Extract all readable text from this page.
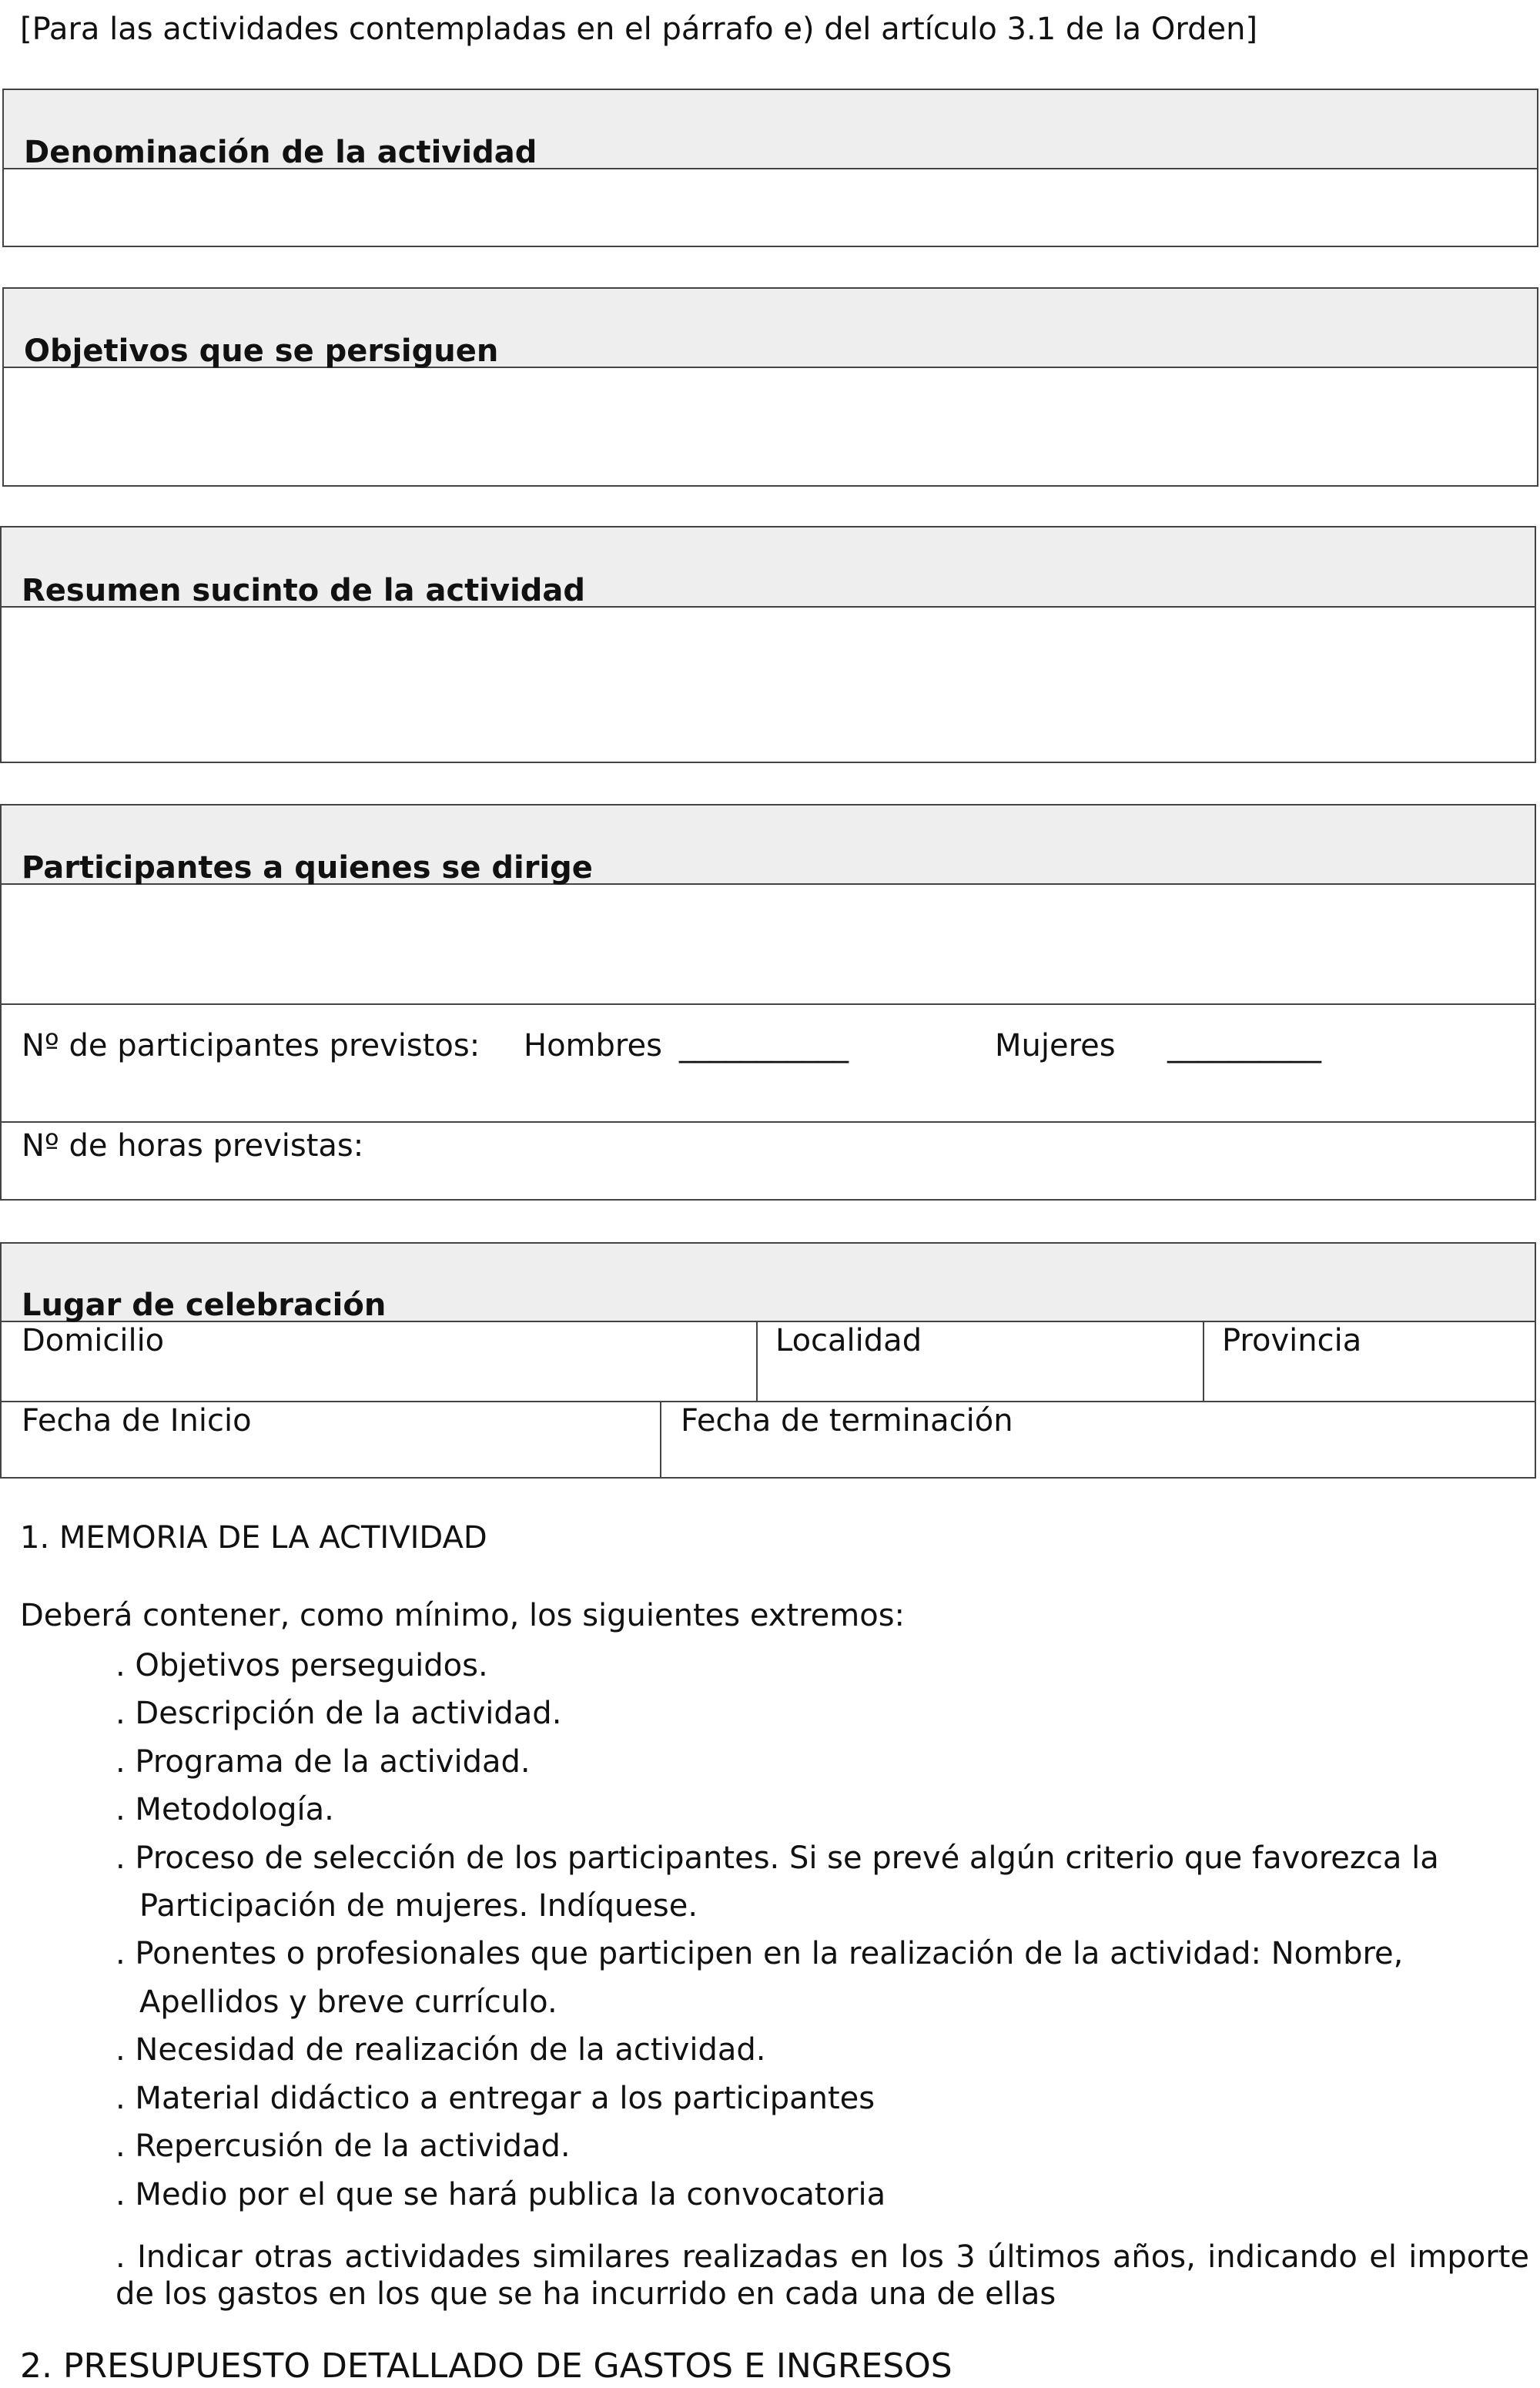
[Para las actividades contempladas en el párrafo e) del artículo 3.1 de la Orden]
Denominación de la actividad
Objetivos que se persiguen
Resumen sucinto de la actividad
Participantes a quienes se dirige
Nº de participantes previstos: Hombres ___________	Mujeres __________
Nº de horas previstas:
Lugar de celebración
Domicilio	Localidad	Provincia
Fecha de Inicio	Fecha de terminación
1. MEMORIA DE LA ACTIVIDAD
Deberá contener, como mínimo, los siguientes extremos:
. Objetivos perseguidos.
. Descripción de la actividad.
. Programa de la actividad.
. Metodología.
. Proceso de selección de los participantes. Si se prevé algún criterio que favorezca la
Participación de mujeres. Indíquese.
. Ponentes o profesionales que participen en la realización de la actividad: Nombre,
Apellidos y breve currículo.
. Necesidad de realización de la actividad.
. Material didáctico a entregar a los participantes
. Repercusión de la actividad.
. Medio por el que se hará publica la convocatoria
. Indicar otras actividades similares realizadas en los 3 últimos años, indicando el importe de los gastos en los que se ha incurrido en cada una de ellas
2. PRESUPUESTO DETALLADO DE GASTOS E INGRESOS
